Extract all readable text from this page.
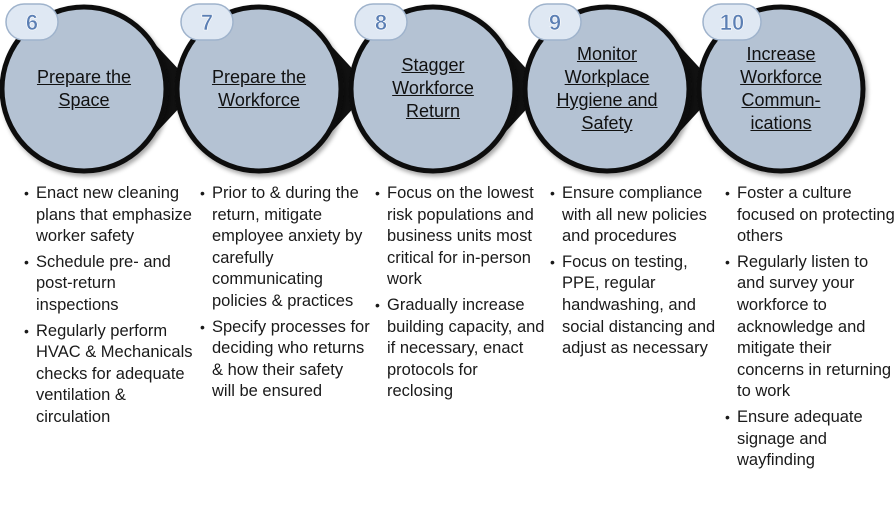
6	7	8	9	10
Prepare the Space
Prepare the Workforce
Stagger Workforce Return
Monitor Workplace Hygiene and Safety
Increase Workforce Commun-ications
• Enact new cleaning plans that emphasize worker safety
• Schedule pre- and post-return inspections
• Regularly perform HVAC & Mechanicals checks for adequate ventilation & circulation
• Prior to & during the return, mitigate employee anxiety by carefully communicating policies & practices
• Specify processes for deciding who returns & how their safety will be ensured
• Focus on the lowest risk populations and business units most critical for in-person work
• Gradually increase building capacity, and if necessary, enact protocols for reclosing
• Ensure compliance with all new policies and procedures
• Focus on testing, PPE, regular handwashing, and social distancing and adjust as necessary
• Foster a culture focused on protecting others
• Regularly listen to and survey your workforce to acknowledge and mitigate their concerns in returning to work
• Ensure adequate signage and wayfinding
